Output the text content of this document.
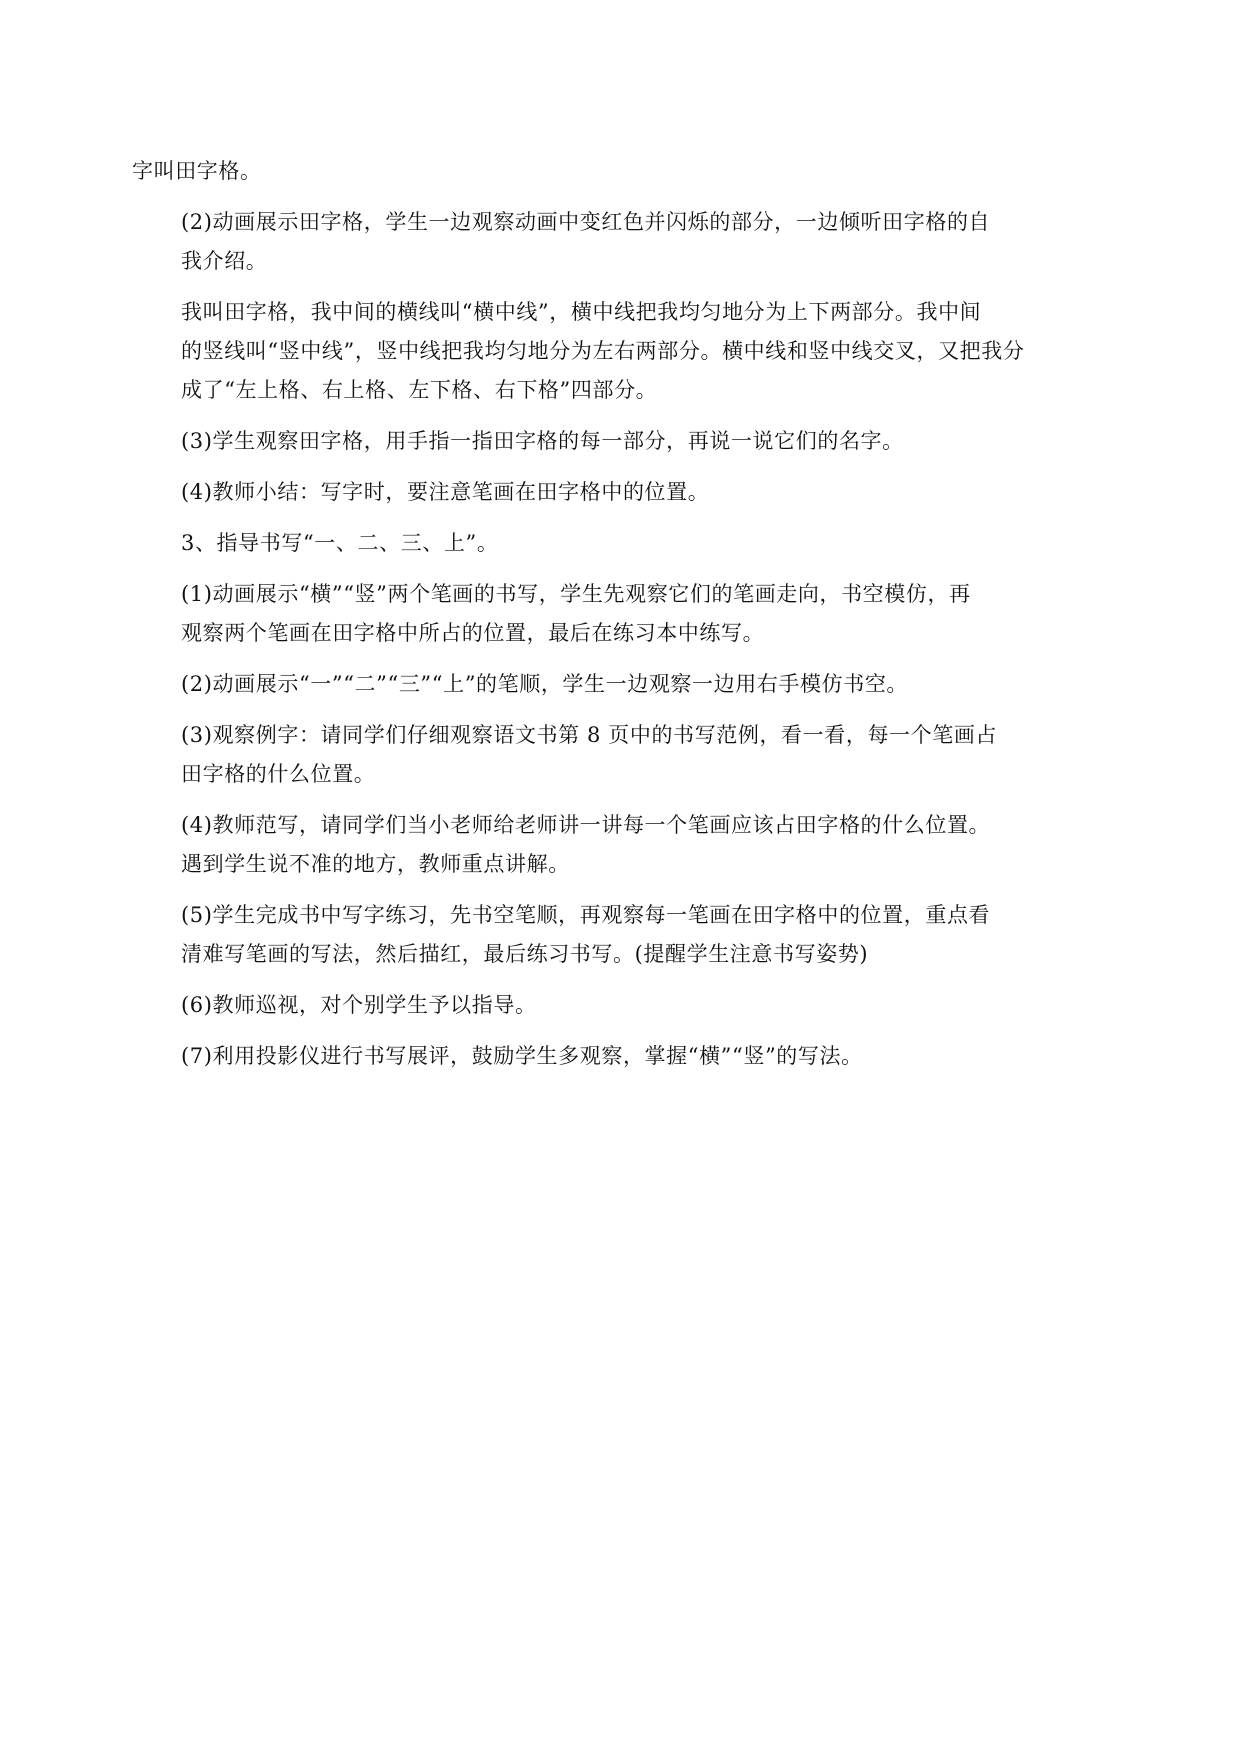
字叫田字格。

(2)动画展示田字格，学生一边观察动画中变红色并闪烁的部分，一边倾听田字格的自
我介绍。

我叫田字格，我中间的横线叫“横中线”，横中线把我均匀地分为上下两部分。我中间
的竖线叫“竖中线”，竖中线把我均匀地分为左右两部分。横中线和竖中线交叉，又把我分
成了“左上格、右上格、左下格、右下格”四部分。

(3)学生观察田字格，用手指一指田字格的每一部分，再说一说它们的名字。

(4)教师小结：写字时，要注意笔画在田字格中的位置。

3、指导书写“一、二、三、上”。

(1)动画展示“横”“竖”两个笔画的书写，学生先观察它们的笔画走向，书空模仿，再
观察两个笔画在田字格中所占的位置，最后在练习本中练写。

(2)动画展示“一”“二”“三”“上”的笔顺，学生一边观察一边用右手模仿书空。

(3)观察例字：请同学们仔细观察语文书第 8 页中的书写范例，看一看，每一个笔画占
田字格的什么位置。

(4)教师范写，请同学们当小老师给老师讲一讲每一个笔画应该占田字格的什么位置。
遇到学生说不准的地方，教师重点讲解。

(5)学生完成书中写字练习，先书空笔顺，再观察每一笔画在田字格中的位置，重点看
清难写笔画的写法，然后描红，最后练习书写。(提醒学生注意书写姿势)

(6)教师巡视，对个别学生予以指导。

(7)利用投影仪进行书写展评，鼓励学生多观察，掌握“横”“竖”的写法。
